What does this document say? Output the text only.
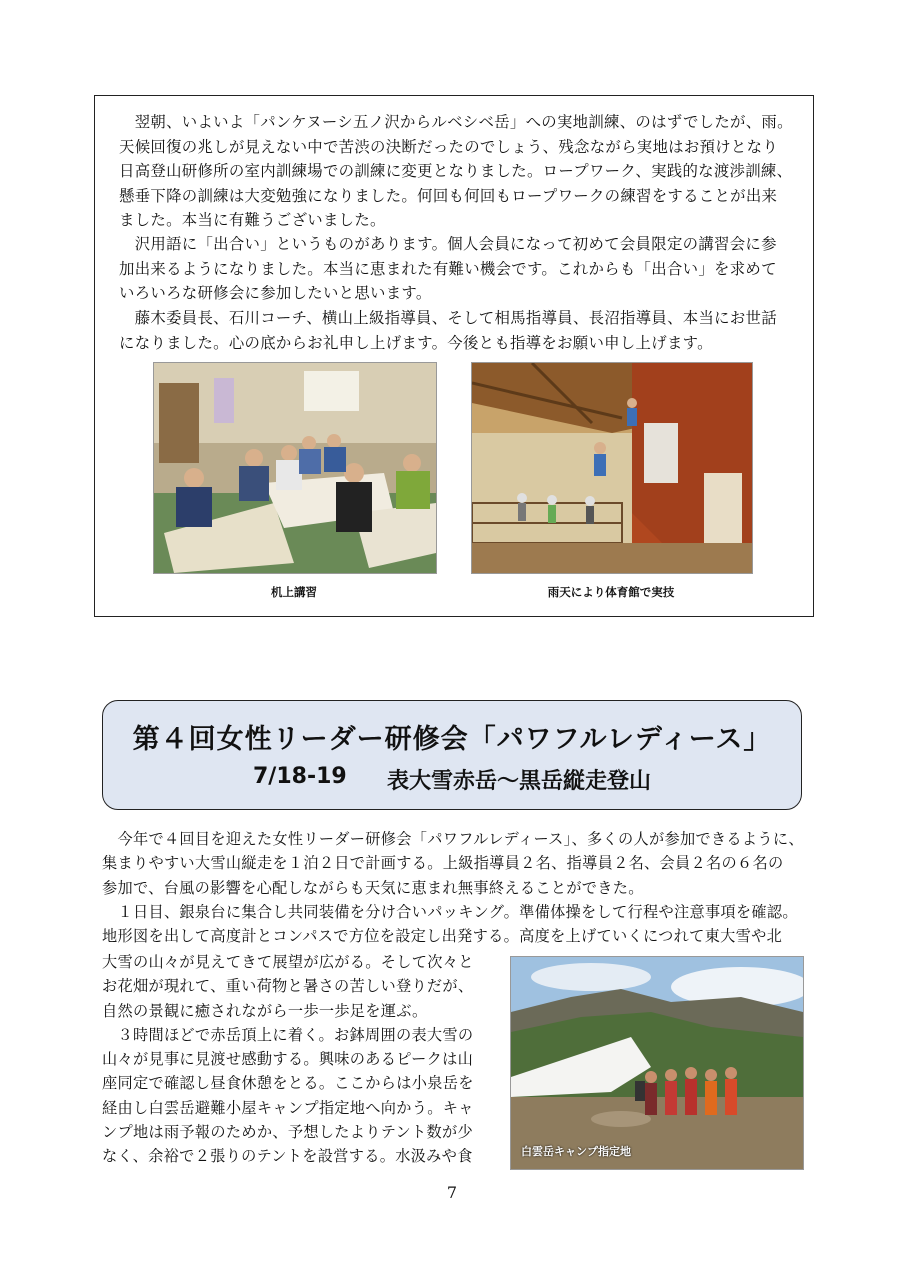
　翌朝、いよいよ「パンケヌーシ五ノ沢からルベシベ岳」への実地訓練、のはずでしたが、雨。
天候回復の兆しが見えない中で苦渋の決断だったのでしょう、残念ながら実地はお預けとなり
日高登山研修所の室内訓練場での訓練に変更となりました。ロープワーク、実践的な渡渉訓練、
懸垂下降の訓練は大変勉強になりました。何回も何回もロープワークの練習をすることが出来
ました。本当に有難うございました。

　沢用語に「出合い」というものがあります。個人会員になって初めて会員限定の講習会に参
加出来るようになりました。本当に恵まれた有難い機会です。これからも「出合い」を求めて
いろいろな研修会に参加したいと思います。

　藤木委員長、石川コーチ、横山上級指導員、そして相馬指導員、長沼指導員、本当にお世話
になりました。心の底からお礼申し上げます。今後とも指導をお願い申し上げます。

机上講習	雨天により体育館で実技
第４回女性リーダー研修会「パワフルレディース」
7/18-19 表大雪赤岳～黒岳縦走登山

　今年で４回目を迎えた女性リーダー研修会「パワフルレディース」、多くの人が参加できるように、
集まりやすい大雪山縦走を１泊２日で計画する。上級指導員２名、指導員２名、会員２名の６名の
参加で、台風の影響を心配しながらも天気に恵まれ無事終えることができた。
　１日目、銀泉台に集合し共同装備を分け合いパッキング。準備体操をして行程や注意事項を確認。
地形図を出して高度計とコンパスで方位を設定し出発する。高度を上げていくにつれて東大雪や北

大雪の山々が見えてきて展望が広がる。そして次々と
お花畑が現れて、重い荷物と暑さの苦しい登りだが、
自然の景観に癒されながら一歩一歩足を運ぶ。
　３時間ほどで赤岳頂上に着く。お鉢周囲の表大雪の
山々が見事に見渡せ感動する。興味のあるピークは山
座同定で確認し昼食休憩をとる。ここからは小泉岳を
経由し白雲岳避難小屋キャンプ指定地へ向かう。キャ
ンプ地は雨予報のためか、予想したよりテント数が少
なく、余裕で２張りのテントを設営する。水汲みや食	白雲岳キャンプ指定地
7
